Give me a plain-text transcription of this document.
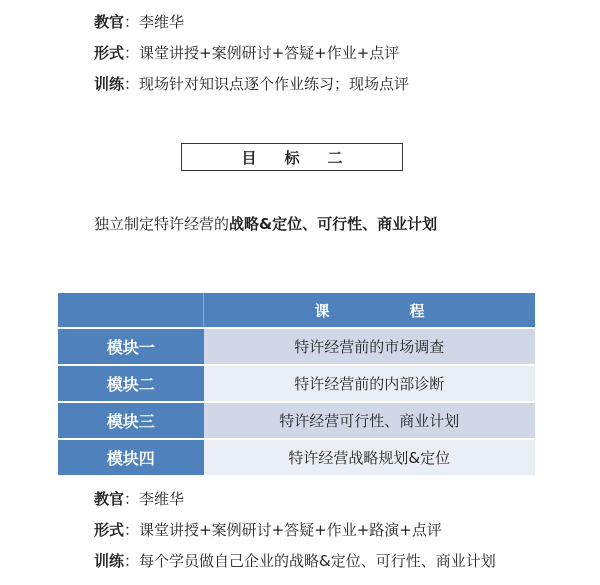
教官：李维华
形式：课堂讲授+案例研讨+答疑+作业+点评
训练：现场针对知识点逐个作业练习；现场点评
目 标 二
独立制定特许经营的战略&定位、可行性、商业计划
	课 程
模块一	特许经营前的市场调查
模块二	特许经营前的内部诊断
模块三	特许经营可行性、商业计划
模块四	特许经营战略规划&定位
教官：李维华
形式：课堂讲授+案例研讨+答疑+作业+路演+点评
训练：每个学员做自己企业的战略&定位、可行性、商业计划
